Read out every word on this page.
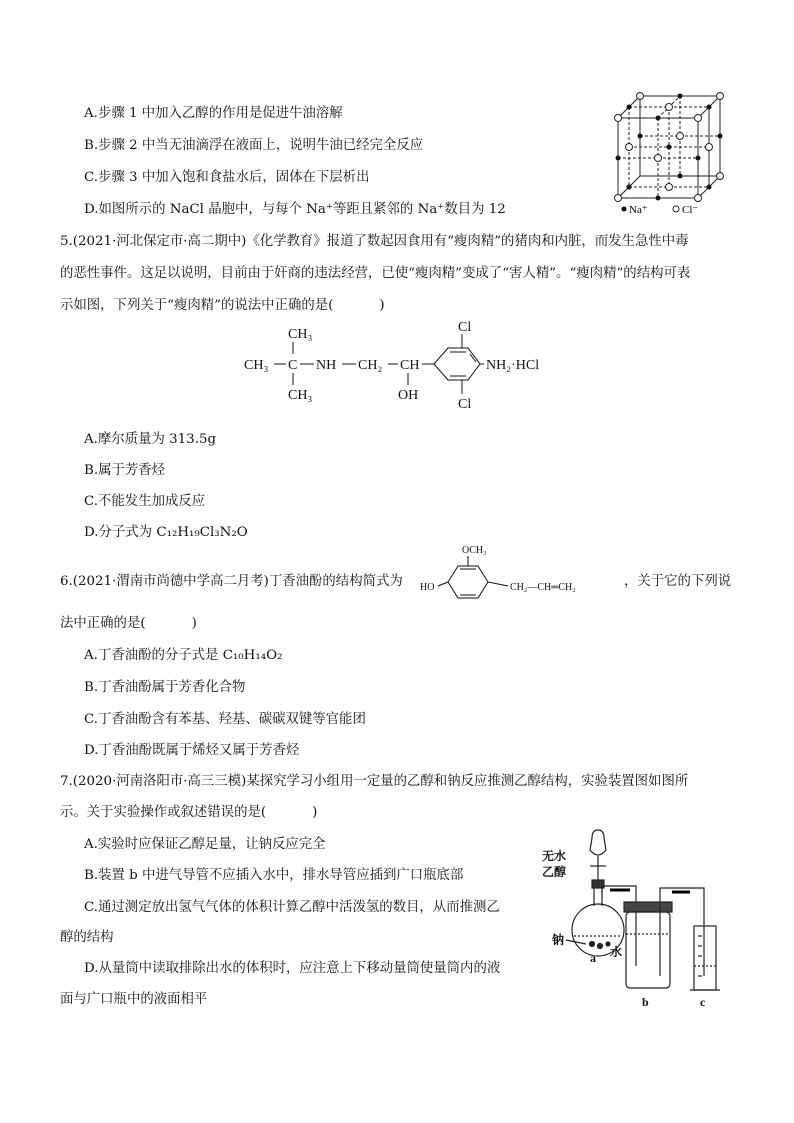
A.步骤 1 中加入乙醇的作用是促进牛油溶解
B.步骤 2 中当无油滴浮在液面上，说明牛油已经完全反应
C.步骤 3 中加入饱和食盐水后，固体在下层析出
D.如图所示的 NaCl 晶胞中，与每个 Na⁺等距且紧邻的 Na⁺数目为 12	Na⁺	Cl⁻
5.(2021·河北保定市·高二期中)《化学教育》报道了数起因食用有“瘦肉精”的猪肉和内脏，而发生急性中毒
的恶性事件。这足以说明，目前由于奸商的违法经营，已使“瘦肉精”变成了“害人精”。“瘦肉精”的结构可表
示如图，下列关于“瘦肉精”的说法中正确的是(	)
CH₃
CH₃ C NH CH₂ CH
OH
CH₃
Cl
Cl
NH₂·HCl
A.摩尔质量为 313.5g
B.属于芳香烃
C.不能发生加成反应
D.分子式为 C₁₂H₁₉Cl₃N₂O
6.(2021·渭南市尚德中学高二月考)丁香油酚的结构简式为
OCH₃
HO	CH₂—CH═CH₂	，关于它的下列说
法中正确的是(	)
A.丁香油酚的分子式是 C₁₀H₁₄O₂
B.丁香油酚属于芳香化合物
C.丁香油酚含有苯基、羟基、碳碳双键等官能团
D.丁香油酚既属于烯烃又属于芳香烃
7.(2020·河南洛阳市·高三三模)某探究学习小组用一定量的乙醇和钠反应推测乙醇结构，实验装置图如图所
示。关于实验操作或叙述错误的是(	)
A.实验时应保证乙醇足量，让钠反应完全
B.装置 b 中进气导管不应插入水中，排水导管应插到广口瓶底部
C.通过测定放出氢气气体的体积计算乙醇中活泼氢的数目，从而推测乙
醇的结构
D.从量筒中读取排除出水的体积时，应注意上下移动量筒使量筒内的液
面与广口瓶中的液面相平
无水
乙醇
钠
水
a
b	c
